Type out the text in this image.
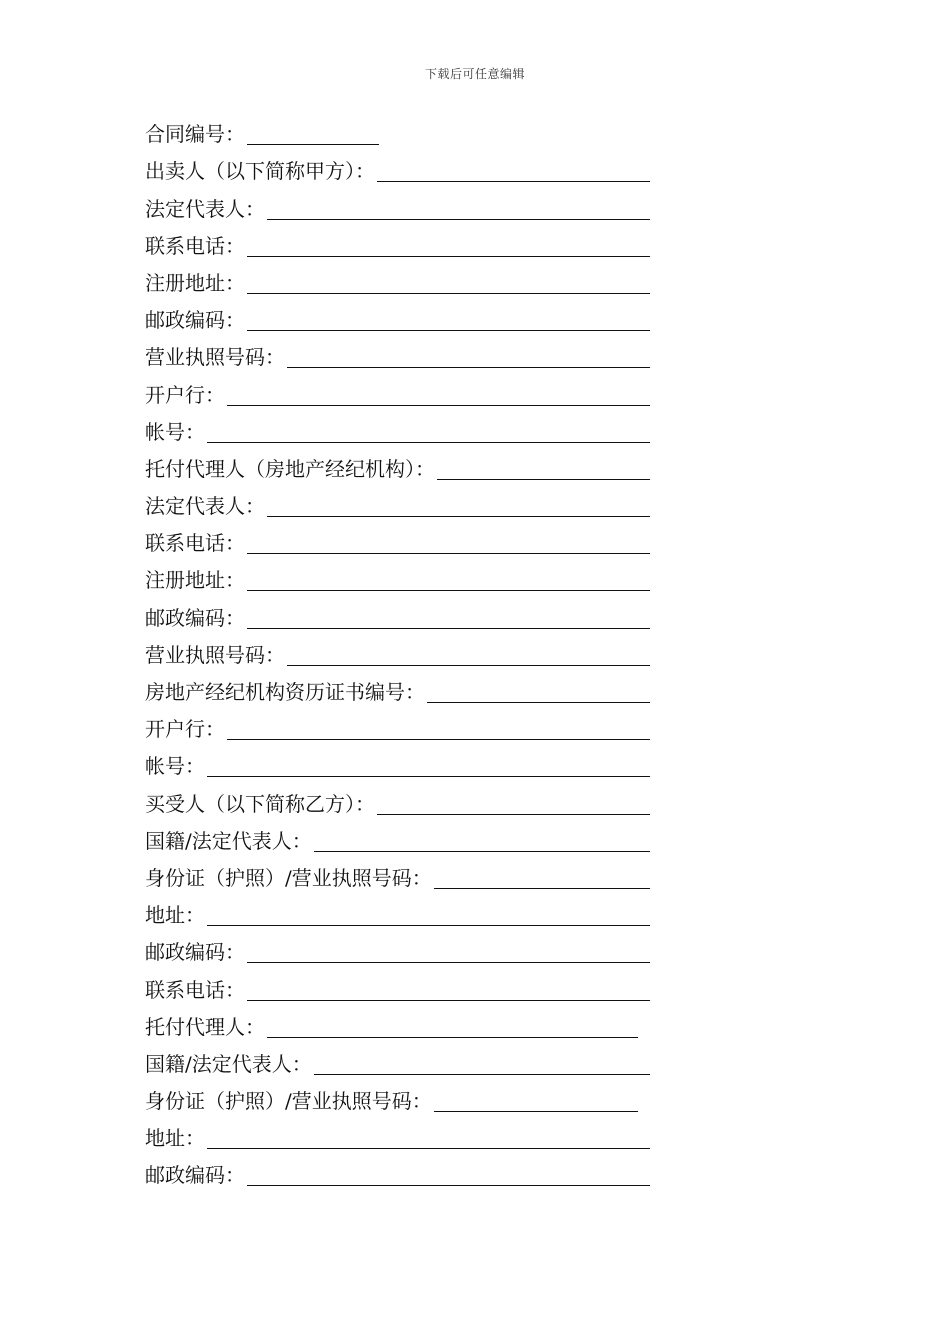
下载后可任意编辑
合同编号：
出卖人（以下简称甲方）：
法定代表人：
联系电话：
注册地址：
邮政编码：
营业执照号码：
开户行：
帐号：
托付代理人（房地产经纪机构）：
法定代表人：
联系电话：
注册地址：
邮政编码：
营业执照号码：
房地产经纪机构资历证书编号：
开户行：
帐号：
买受人（以下简称乙方）：
国籍/法定代表人：
身份证（护照）/营业执照号码：
地址：
邮政编码：
联系电话：
托付代理人：
国籍/法定代表人：
身份证（护照）/营业执照号码：
地址：
邮政编码：
